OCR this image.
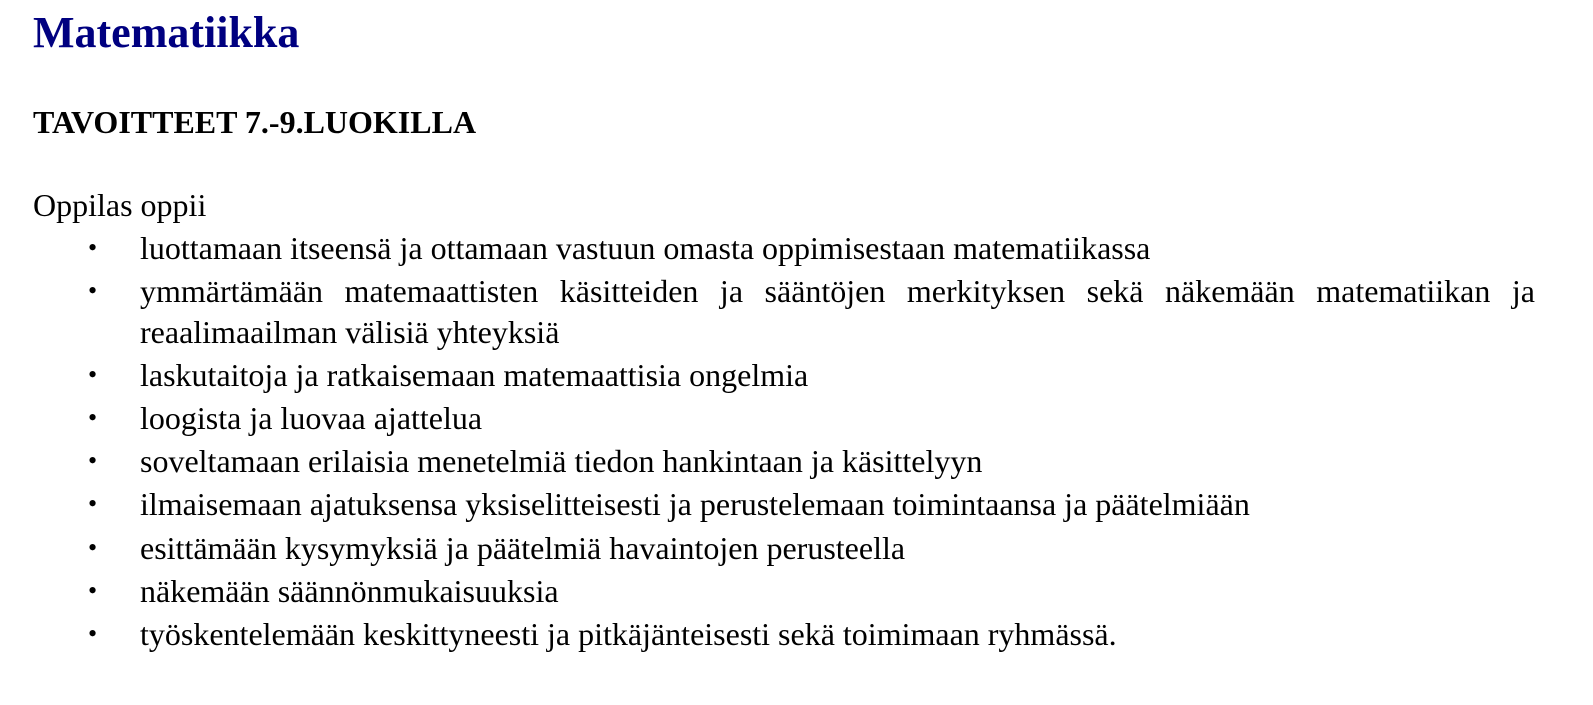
Matematiikka
TAVOITTEET 7.-9.LUOKILLA

Oppilas oppii

• luottamaan itseensä ja ottamaan vastuun omasta oppimisestaan matematiikassa
• ymmärtämään matemaattisten käsitteiden ja sääntöjen merkityksen sekä näkemään matematiikan ja reaalimaailman välisiä yhteyksiä
• laskutaitoja ja ratkaisemaan matemaattisia ongelmia
• loogista ja luovaa ajattelua
• soveltamaan erilaisia menetelmiä tiedon hankintaan ja käsittelyyn
• ilmaisemaan ajatuksensa yksiselitteisesti ja perustelemaan toimintaansa ja päätelmiään
• esittämään kysymyksiä ja päätelmiä havaintojen perusteella
• näkemään säännönmukaisuuksia
• työskentelemään keskittyneesti ja pitkäjänteisesti sekä toimimaan ryhmässä.
